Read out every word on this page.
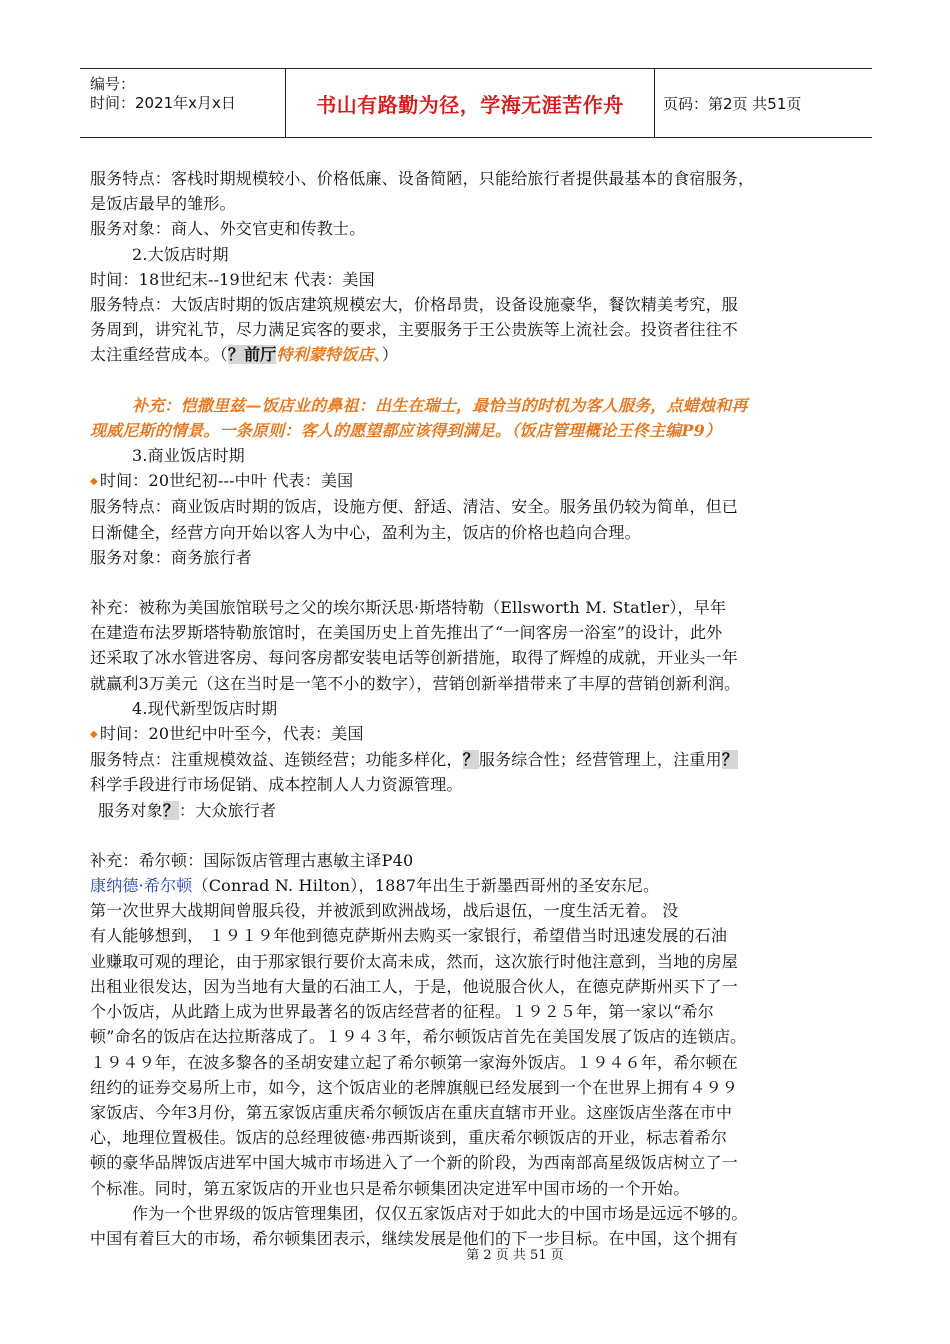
编号：
时间：2021年x月x日	书山有路勤为径，学海无涯苦作舟	页码：第2页 共51页

服务特点：客栈时期规模较小、价格低廉、设备简陋，只能给旅行者提供最基本的食宿服务，

是饭店最早的雏形。

服务对象：商人、外交官吏和传教士。

2.大饭店时期

时间：18世纪末--19世纪末 代表：美国

服务特点：大饭店时期的饭店建筑规模宏大，价格昂贵，设备设施豪华，餐饮精美考究，服

务周到，讲究礼节，尽力满足宾客的要求，主要服务于王公贵族等上流社会。投资者往往不

太注重经营成本。（？前厅特利蒙特饭店、）

补充：恺撒里兹—饭店业的鼻祖：出生在瑞士，最恰当的时机为客人服务，点蜡烛和再

现威尼斯的情景。一条原则：客人的愿望都应该得到满足。（饭店管理概论王佟主编P9）

3.商业饭店时期

◆ 时间：20世纪初---中叶 代表：美国

服务特点：商业饭店时期的饭店，设施方便、舒适、清洁、安全。服务虽仍较为简单，但已

日渐健全，经营方向开始以客人为中心，盈利为主，饭店的价格也趋向合理。

服务对象：商务旅行者

补充：被称为美国旅馆联号之父的埃尔斯沃思·斯塔特勒（Ellsworth M. Statler），早年

在建造布法罗斯塔特勒旅馆时，在美国历史上首先推出了“一间客房一浴室”的设计，此外

还采取了冰水管进客房、每问客房都安装电话等创新措施，取得了辉煌的成就，开业头一年

就赢利3万美元（这在当时是一笔不小的数字），营销创新举措带来了丰厚的营销创新利润。

4.现代新型饭店时期

◆ 时间：20世纪中叶至今，代表：美国

服务特点：注重规模效益、连锁经营；功能多样化，？服务综合性；经营管理上，注重用？

科学手段进行市场促销、成本控制人人力资源管理。

服务对象？：大众旅行者

补充：希尔顿：国际饭店管理古惠敏主译P40

康纳德·希尔顿（Conrad N. Hilton），1887年出生于新墨西哥州的圣安东尼。

第一次世界大战期间曾服兵役，并被派到欧洲战场，战后退伍，一度生活无着。 没

有人能够想到， １９１９年他到德克萨斯州去购买一家银行，希望借当时迅速发展的石油

业赚取可观的理论，由于那家银行要价太高未成，然而，这次旅行时他注意到，当地的房屋

出租业很发达，因为当地有大量的石油工人，于是，他说服合伙人，在德克萨斯州买下了一

个小饭店，从此踏上成为世界最著名的饭店经营者的征程。１９２５年，第一家以“希尔

顿”命名的饭店在达拉斯落成了。１９４３年，希尔顿饭店首先在美国发展了饭店的连锁店。

１９４９年，在波多黎各的圣胡安建立起了希尔顿第一家海外饭店。１９４６年，希尔顿在

纽约的证券交易所上市，如今，这个饭店业的老牌旗舰已经发展到一个在世界上拥有４９９

家饭店、今年3月份，第五家饭店重庆希尔顿饭店在重庆直辖市开业。这座饭店坐落在市中

心，地理位置极佳。饭店的总经理彼德·弗西斯谈到，重庆希尔顿饭店的开业，标志着希尔

顿的豪华品牌饭店进军中国大城市市场进入了一个新的阶段，为西南部高星级饭店树立了一

个标准。同时，第五家饭店的开业也只是希尔顿集团决定进军中国市场的一个开始。

作为一个世界级的饭店管理集团，仅仅五家饭店对于如此大的中国市场是远远不够的。

中国有着巨大的市场，希尔顿集团表示，继续发展是他们的下一步目标。在中国，这个拥有

第 2 页 共 51 页
